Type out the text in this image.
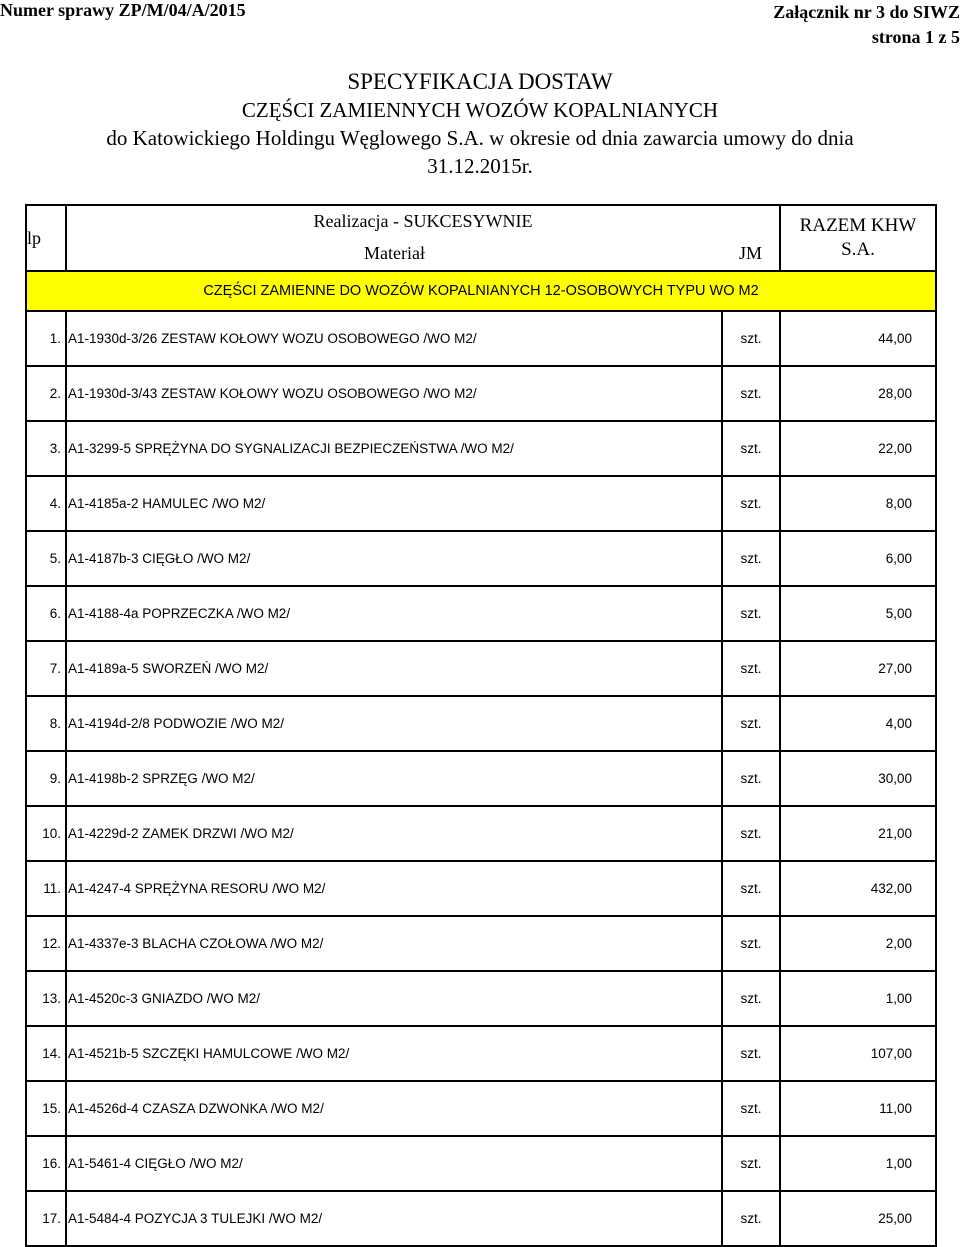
Numer sprawy ZP/M/04/A/2015	Załącznik nr 3 do SIWZ
strona 1 z 5
SPECYFIKACJA DOSTAW
CZĘŚCI ZAMIENNYCH WOZÓW KOPALNIANYCH
do Katowickiego Holdingu Węglowego S.A. w okresie od dnia zawarcia umowy do dnia
31.12.2015r.
lp	Realizacja - SUKCESYWNIE		RAZEM KHW
S.A.

	Materiał	JM	
CZĘŚCI ZAMIENNE DO WOZÓW KOPALNIANYCH 12-OSOBOWYCH TYPU WO M2			
1.	A1-1930d-3/26 ZESTAW KOŁOWY WOZU OSOBOWEGO /WO M2/	szt.	44,00
2.	A1-1930d-3/43 ZESTAW KOŁOWY WOZU OSOBOWEGO /WO M2/	szt.	28,00
3.	A1-3299-5 SPRĘŻYNA DO SYGNALIZACJI BEZPIECZEŃSTWA /WO M2/	szt.	22,00
4.	A1-4185a-2 HAMULEC /WO M2/	szt.	8,00
5.	A1-4187b-3 CIĘGŁO /WO M2/	szt.	6,00
6.	A1-4188-4a POPRZECZKA /WO M2/	szt.	5,00
7.	A1-4189a-5 SWORZEŃ /WO M2/	szt.	27,00
8.	A1-4194d-2/8 PODWOZIE /WO M2/	szt.	4,00
9.	A1-4198b-2 SPRZĘG /WO M2/	szt.	30,00
10.	A1-4229d-2 ZAMEK DRZWI /WO M2/	szt.	21,00
11.	A1-4247-4 SPRĘŻYNA RESORU /WO M2/	szt.	432,00
12.	A1-4337e-3 BLACHA CZOŁOWA /WO M2/	szt.	2,00
13.	A1-4520c-3 GNIAZDO /WO M2/	szt.	1,00
14.	A1-4521b-5 SZCZĘKI HAMULCOWE /WO M2/	szt.	107,00
15.	A1-4526d-4 CZASZA DZWONKA /WO M2/	szt.	11,00
16.	A1-5461-4 CIĘGŁO /WO M2/	szt.	1,00
17.	A1-5484-4 POZYCJA 3 TULEJKI /WO M2/	szt.	25,00
